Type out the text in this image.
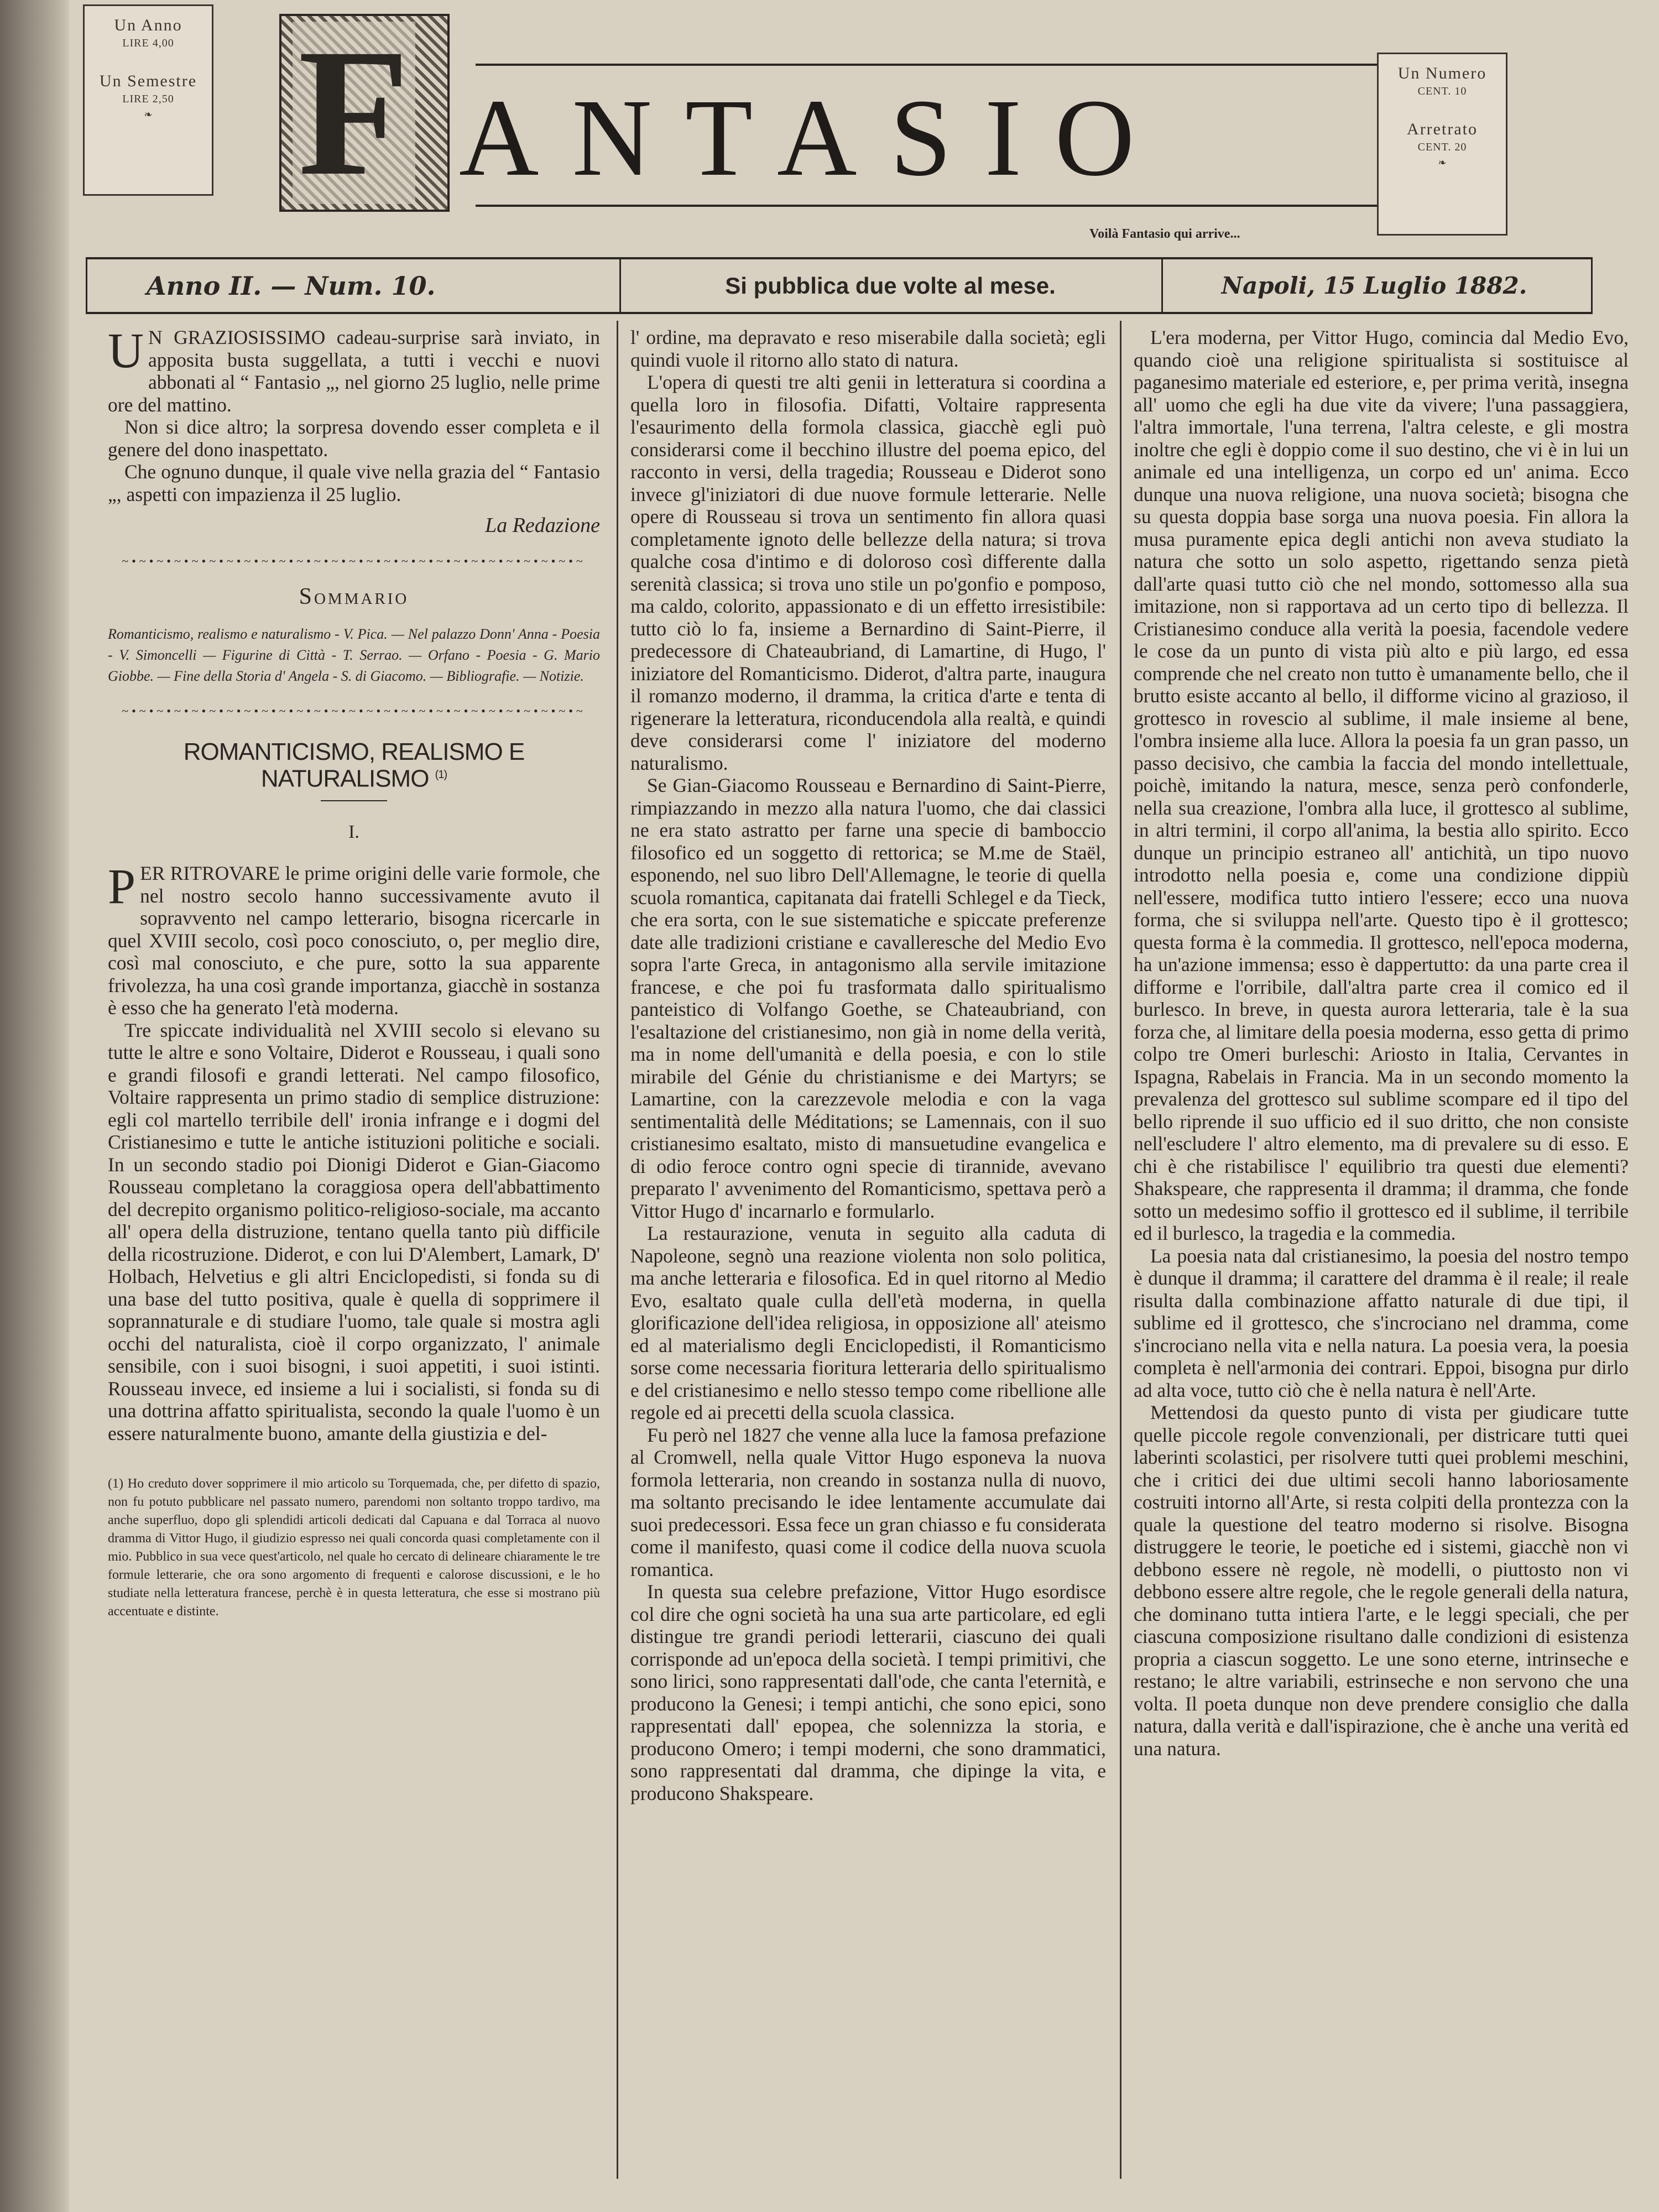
Un Anno
LIRE 4,00
Un Semestre
LIRE 2,50
❧ F ANTASIO
Voilà Fantasio qui arrive...
Un Numero
CENT. 10
Arretrato
CENT. 20
❧
Anno II. — Num. 10.	Si pubblica due volte al mese.	Napoli, 15 Luglio 1882.

U N GRAZIOSISSIMO cadeau-surprise sarà inviato, in apposita busta suggellata, a tutti i vecchi e nuovi abbonati al “ Fantasio „, nel giorno 25 luglio, nelle prime ore del mattino.

Non si dice altro; la sorpresa dovendo esser completa e il genere del dono inaspettato.

Che ognuno dunque, il quale vive nella grazia del “ Fantasio „, aspetti con impazienza il 25 luglio.

La Redazione
~•~•~•~•~•~•~•~•~•~•~•~•~•~•~•~•~•~•~•~•~•~•~•~•~•~•~
Sommario
Romanticismo, realismo e naturalismo - V. Pica. — Nel palazzo Donn' Anna - Poesia - V. Simoncelli — Figurine di Città - T. Serrao. — Orfano - Poesia - G. Mario Giobbe. — Fine della Storia d' Angela - S. di Giacomo. — Bibliografie. — Notizie.
~•~•~•~•~•~•~•~•~•~•~•~•~•~•~•~•~•~•~•~•~•~•~•~•~•~•~
ROMANTICISMO, REALISMO E NATURALISMO $^{(1)}$
I.

PER RITROVARE le prime origini delle varie formole, che nel nostro secolo hanno successivamente avuto il sopravvento nel campo letterario, bisogna ricercarle in quel XVIII secolo, così poco conosciuto, o, per meglio dire, così mal conosciuto, e che pure, sotto la sua apparente frivolezza, ha una così grande importanza, giacchè in sostanza è esso che ha generato l'età moderna.

Tre spiccate individualità nel XVIII secolo si elevano su tutte le altre e sono Voltaire, Diderot e Rousseau, i quali sono e grandi filosofi e grandi letterati. Nel campo filosofico, Voltaire rappresenta un primo stadio di semplice distruzione: egli col martello terribile dell' ironia infrange e i dogmi del Cristianesimo e tutte le antiche istituzioni politiche e sociali. In un secondo stadio poi Dionigi Diderot e Gian-Giacomo Rousseau completano la coraggiosa opera dell'abbattimento del decrepito organismo politico-religioso-sociale, ma accanto all' opera della distruzione, tentano quella tanto più difficile della ricostruzione. Diderot, e con lui D'Alembert, Lamark, D' Holbach, Helvetius e gli altri Enciclopedisti, si fonda su di una base del tutto positiva, quale è quella di sopprimere il soprannaturale e di studiare l'uomo, tale quale si mostra agli occhi del naturalista, cioè il corpo organizzato, l' animale sensibile, con i suoi bisogni, i suoi appetiti, i suoi istinti. Rousseau invece, ed insieme a lui i socialisti, si fonda su di una dottrina affatto spiritualista, secondo la quale l'uomo è un essere naturalmente buono, amante della giustizia e del-

(1) Ho creduto dover sopprimere il mio articolo su Torquemada, che, per difetto di spazio, non fu potuto pubblicare nel passato numero, parendomi non soltanto troppo tardivo, ma anche superfluo, dopo gli splendidi articoli dedicati dal Capuana e dal Torraca al nuovo dramma di Vittor Hugo, il giudizio espresso nei quali concorda quasi completamente con il mio. Pubblico in sua vece quest'articolo, nel quale ho cercato di delineare chiaramente le tre formule letterarie, che ora sono argomento di frequenti e calorose discussioni, e le ho studiate nella letteratura francese, perchè è in questa letteratura, che esse si mostrano più accentuate e distinte.

l' ordine, ma depravato e reso miserabile dalla società; egli quindi vuole il ritorno allo stato di natura.

L'opera di questi tre alti genii in letteratura si coordina a quella loro in filosofia. Difatti, Voltaire rappresenta l'esaurimento della formola classica, giacchè egli può considerarsi come il becchino illustre del poema epico, del racconto in versi, della tragedia; Rousseau e Diderot sono invece gl'iniziatori di due nuove formule letterarie. Nelle opere di Rousseau si trova un sentimento fin allora quasi completamente ignoto delle bellezze della natura; si trova qualche cosa d'intimo e di doloroso così differente dalla serenità classica; si trova uno stile un po'gonfio e pomposo, ma caldo, colorito, appassionato e di un effetto irresistibile: tutto ciò lo fa, insieme a Bernardino di Saint-Pierre, il predecessore di Chateaubriand, di Lamartine, di Hugo, l' iniziatore del Romanticismo. Diderot, d'altra parte, inaugura il romanzo moderno, il dramma, la critica d'arte e tenta di rigenerare la letteratura, riconducendola alla realtà, e quindi deve considerarsi come l' iniziatore del moderno naturalismo.

Se Gian-Giacomo Rousseau e Bernardino di Saint-Pierre, rimpiazzando in mezzo alla natura l'uomo, che dai classici ne era stato astratto per farne una specie di bamboccio filosofico ed un soggetto di rettorica; se M.me de Staël, esponendo, nel suo libro Dell'Allemagne, le teorie di quella scuola romantica, capitanata dai fratelli Schlegel e da Tieck, che era sorta, con le sue sistematiche e spiccate preferenze date alle tradizioni cristiane e cavalleresche del Medio Evo sopra l'arte Greca, in antagonismo alla servile imitazione francese, e che poi fu trasformata dallo spiritualismo panteistico di Volfango Goethe, se Chateaubriand, con l'esaltazione del cristianesimo, non già in nome della verità, ma in nome dell'umanità e della poesia, e con lo stile mirabile del Génie du christianisme e dei Martyrs; se Lamartine, con la carezzevole melodia e con la vaga sentimentalità delle Méditations; se Lamennais, con il suo cristianesimo esaltato, misto di mansuetudine evangelica e di odio feroce contro ogni specie di tirannide, avevano preparato l' avvenimento del Romanticismo, spettava però a Vittor Hugo d' incarnarlo e formularlo.

La restaurazione, venuta in seguito alla caduta di Napoleone, segnò una reazione violenta non solo politica, ma anche letteraria e filosofica. Ed in quel ritorno al Medio Evo, esaltato quale culla dell'età moderna, in quella glorificazione dell'idea religiosa, in opposizione all' ateismo ed al materialismo degli Enciclopedisti, il Romanticismo sorse come necessaria fioritura letteraria dello spiritualismo e del cristianesimo e nello stesso tempo come ribellione alle regole ed ai precetti della scuola classica.

Fu però nel 1827 che venne alla luce la famosa prefazione al Cromwell, nella quale Vittor Hugo esponeva la nuova formola letteraria, non creando in sostanza nulla di nuovo, ma soltanto precisando le idee lentamente accumulate dai suoi predecessori. Essa fece un gran chiasso e fu considerata come il manifesto, quasi come il codice della nuova scuola romantica.

In questa sua celebre prefazione, Vittor Hugo esordisce col dire che ogni società ha una sua arte particolare, ed egli distingue tre grandi periodi letterarii, ciascuno dei quali corrisponde ad un'epoca della società. I tempi primitivi, che sono lirici, sono rappresentati dall'ode, che canta l'eternità, e producono la Genesi; i tempi antichi, che sono epici, sono rappresentati dall' epopea, che solennizza la storia, e producono Omero; i tempi moderni, che sono drammatici, sono rappresentati dal dramma, che dipinge la vita, e producono Shakspeare.

L'era moderna, per Vittor Hugo, comincia dal Medio Evo, quando cioè una religione spiritualista si sostituisce al paganesimo materiale ed esteriore, e, per prima verità, insegna all' uomo che egli ha due vite da vivere; l'una passaggiera, l'altra immortale, l'una terrena, l'altra celeste, e gli mostra inoltre che egli è doppio come il suo destino, che vi è in lui un animale ed una intelligenza, un corpo ed un' anima. Ecco dunque una nuova religione, una nuova società; bisogna che su questa doppia base sorga una nuova poesia. Fin allora la musa puramente epica degli antichi non aveva studiato la natura che sotto un solo aspetto, rigettando senza pietà dall'arte quasi tutto ciò che nel mondo, sottomesso alla sua imitazione, non si rapportava ad un certo tipo di bellezza. Il Cristianesimo conduce alla verità la poesia, facendole vedere le cose da un punto di vista più alto e più largo, ed essa comprende che nel creato non tutto è umanamente bello, che il brutto esiste accanto al bello, il difforme vicino al grazioso, il grottesco in rovescio al sublime, il male insieme al bene, l'ombra insieme alla luce. Allora la poesia fa un gran passo, un passo decisivo, che cambia la faccia del mondo intellettuale, poichè, imitando la natura, mesce, senza però confonderle, nella sua creazione, l'ombra alla luce, il grottesco al sublime, in altri termini, il corpo all'anima, la bestia allo spirito. Ecco dunque un principio estraneo all' antichità, un tipo nuovo introdotto nella poesia e, come una condizione dippiù nell'essere, modifica tutto intiero l'essere; ecco una nuova forma, che si sviluppa nell'arte. Questo tipo è il grottesco; questa forma è la commedia. Il grottesco, nell'epoca moderna, ha un'azione immensa; esso è dappertutto: da una parte crea il difforme e l'orribile, dall'altra parte crea il comico ed il burlesco. In breve, in questa aurora letteraria, tale è la sua forza che, al limitare della poesia moderna, esso getta di primo colpo tre Omeri burleschi: Ariosto in Italia, Cervantes in Ispagna, Rabelais in Francia. Ma in un secondo momento la prevalenza del grottesco sul sublime scompare ed il tipo del bello riprende il suo ufficio ed il suo dritto, che non consiste nell'escludere l' altro elemento, ma di prevalere su di esso. E chi è che ristabilisce l' equilibrio tra questi due elementi? Shakspeare, che rappresenta il dramma; il dramma, che fonde sotto un medesimo soffio il grottesco ed il sublime, il terribile ed il burlesco, la tragedia e la commedia.

La poesia nata dal cristianesimo, la poesia del nostro tempo è dunque il dramma; il carattere del dramma è il reale; il reale risulta dalla combinazione affatto naturale di due tipi, il sublime ed il grottesco, che s'incrociano nel dramma, come s'incrociano nella vita e nella natura. La poesia vera, la poesia completa è nell'armonia dei contrari. Eppoi, bisogna pur dirlo ad alta voce, tutto ciò che è nella natura è nell'Arte.

Mettendosi da questo punto di vista per giudicare tutte quelle piccole regole convenzionali, per districare tutti quei laberinti scolastici, per risolvere tutti quei problemi meschini, che i critici dei due ultimi secoli hanno laboriosamente costruiti intorno all'Arte, si resta colpiti della prontezza con la quale la questione del teatro moderno si risolve. Bisogna distruggere le teorie, le poetiche ed i sistemi, giacchè non vi debbono essere nè regole, nè modelli, o piuttosto non vi debbono essere altre regole, che le regole generali della natura, che dominano tutta intiera l'arte, e le leggi speciali, che per ciascuna composizione risultano dalle condizioni di esistenza propria a ciascun soggetto. Le une sono eterne, intrinseche e restano; le altre variabili, estrinseche e non servono che una volta. Il poeta dunque non deve prendere consiglio che dalla natura, dalla verità e dall'ispirazione, che è anche una verità ed una natura.
